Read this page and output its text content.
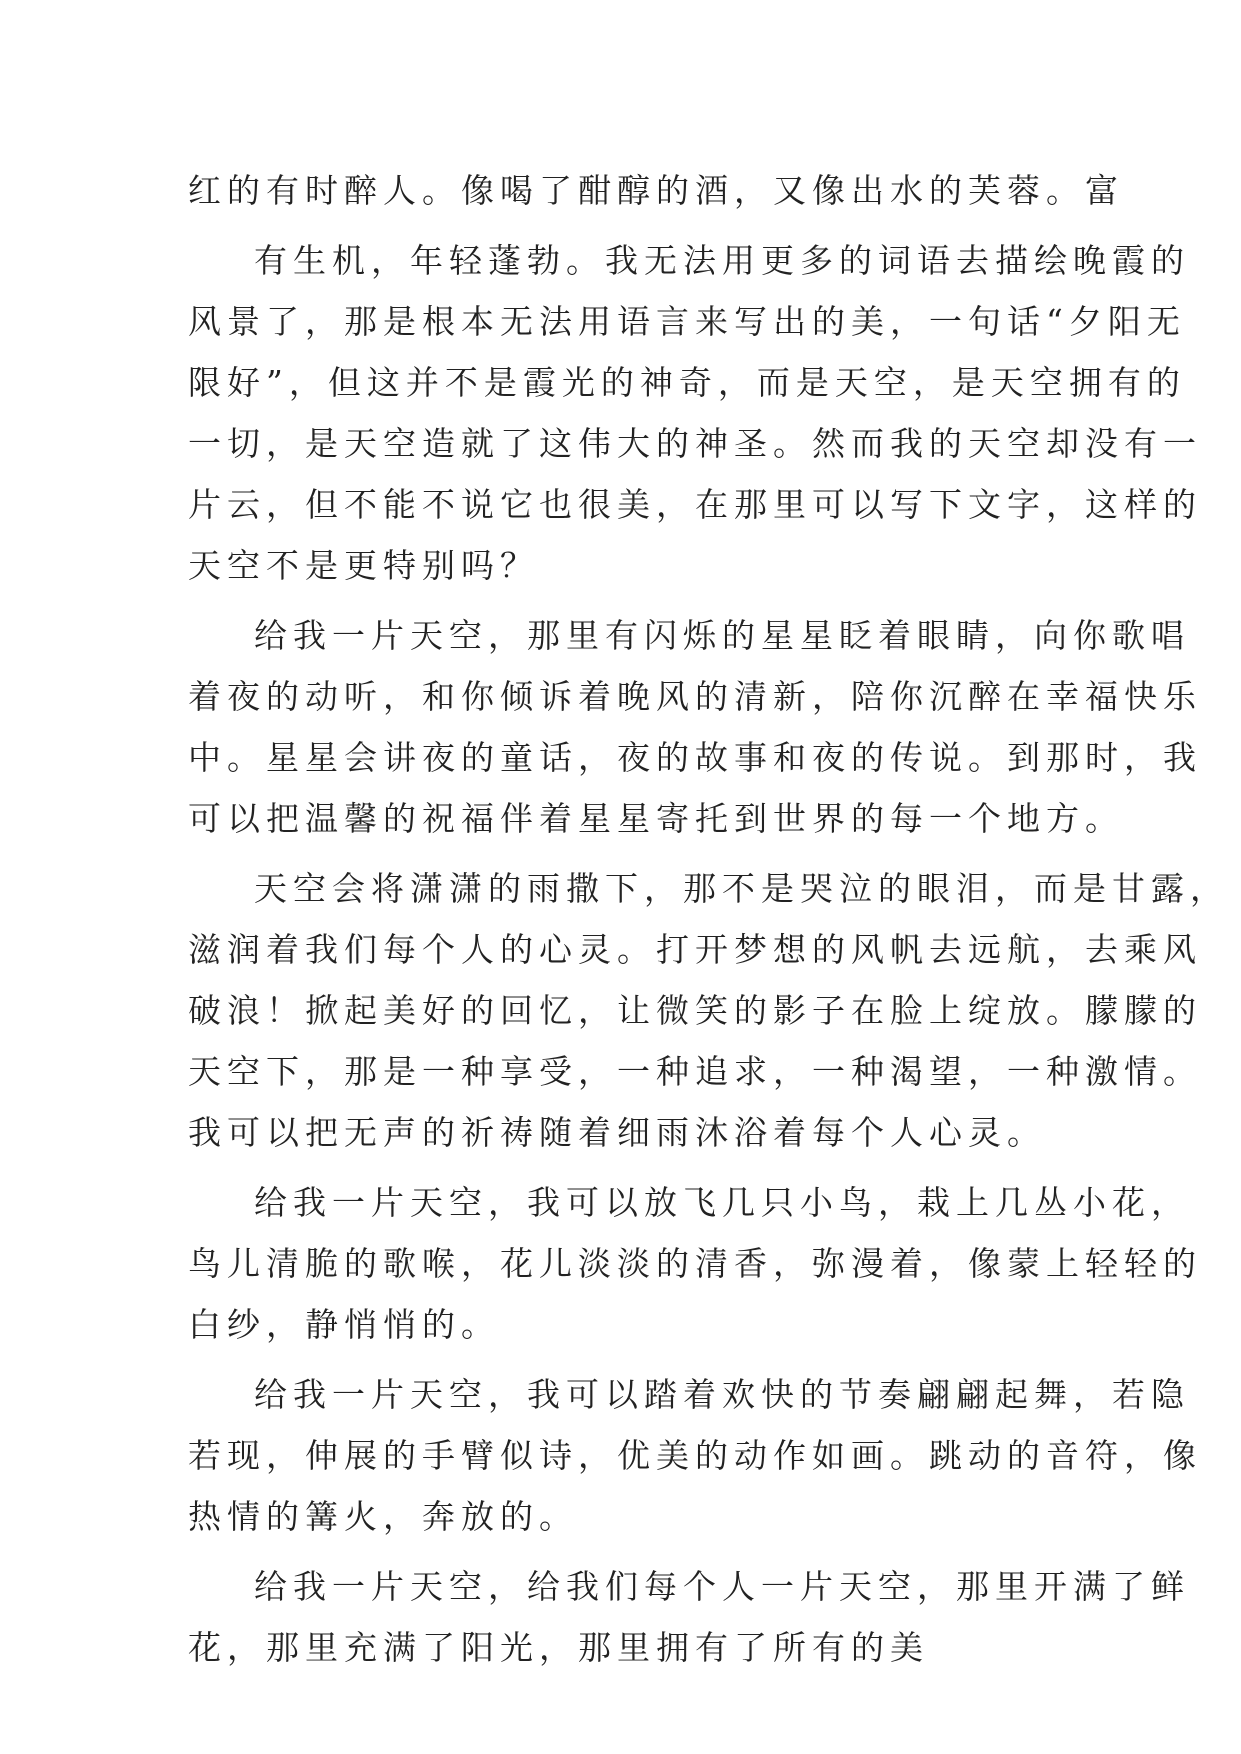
红的有时醉人。像喝了酣醇的酒，又像出水的芙蓉。富
有生机，年轻蓬勃。我无法用更多的词语去描绘晚霞的
风景了，那是根本无法用语言来写出的美，一句话“夕阳无
限好”，但这并不是霞光的神奇，而是天空，是天空拥有的
一切，是天空造就了这伟大的神圣。然而我的天空却没有一
片云，但不能不说它也很美，在那里可以写下文字，这样的
天空不是更特别吗？
给我一片天空，那里有闪烁的星星眨着眼睛，向你歌唱
着夜的动听，和你倾诉着晚风的清新，陪你沉醉在幸福快乐
中。星星会讲夜的童话，夜的故事和夜的传说。到那时，我
可以把温馨的祝福伴着星星寄托到世界的每一个地方。
天空会将潇潇的雨撒下，那不是哭泣的眼泪，而是甘露，
滋润着我们每个人的心灵。打开梦想的风帆去远航，去乘风
破浪！掀起美好的回忆，让微笑的影子在脸上绽放。朦朦的
天空下，那是一种享受，一种追求，一种渴望，一种激情。
我可以把无声的祈祷随着细雨沐浴着每个人心灵。
给我一片天空，我可以放飞几只小鸟，栽上几丛小花，
鸟儿清脆的歌喉，花儿淡淡的清香，弥漫着，像蒙上轻轻的
白纱，静悄悄的。
给我一片天空，我可以踏着欢快的节奏翩翩起舞，若隐
若现，伸展的手臂似诗，优美的动作如画。跳动的音符，像
热情的篝火，奔放的。
给我一片天空，给我们每个人一片天空，那里开满了鲜
花，那里充满了阳光，那里拥有了所有的美
